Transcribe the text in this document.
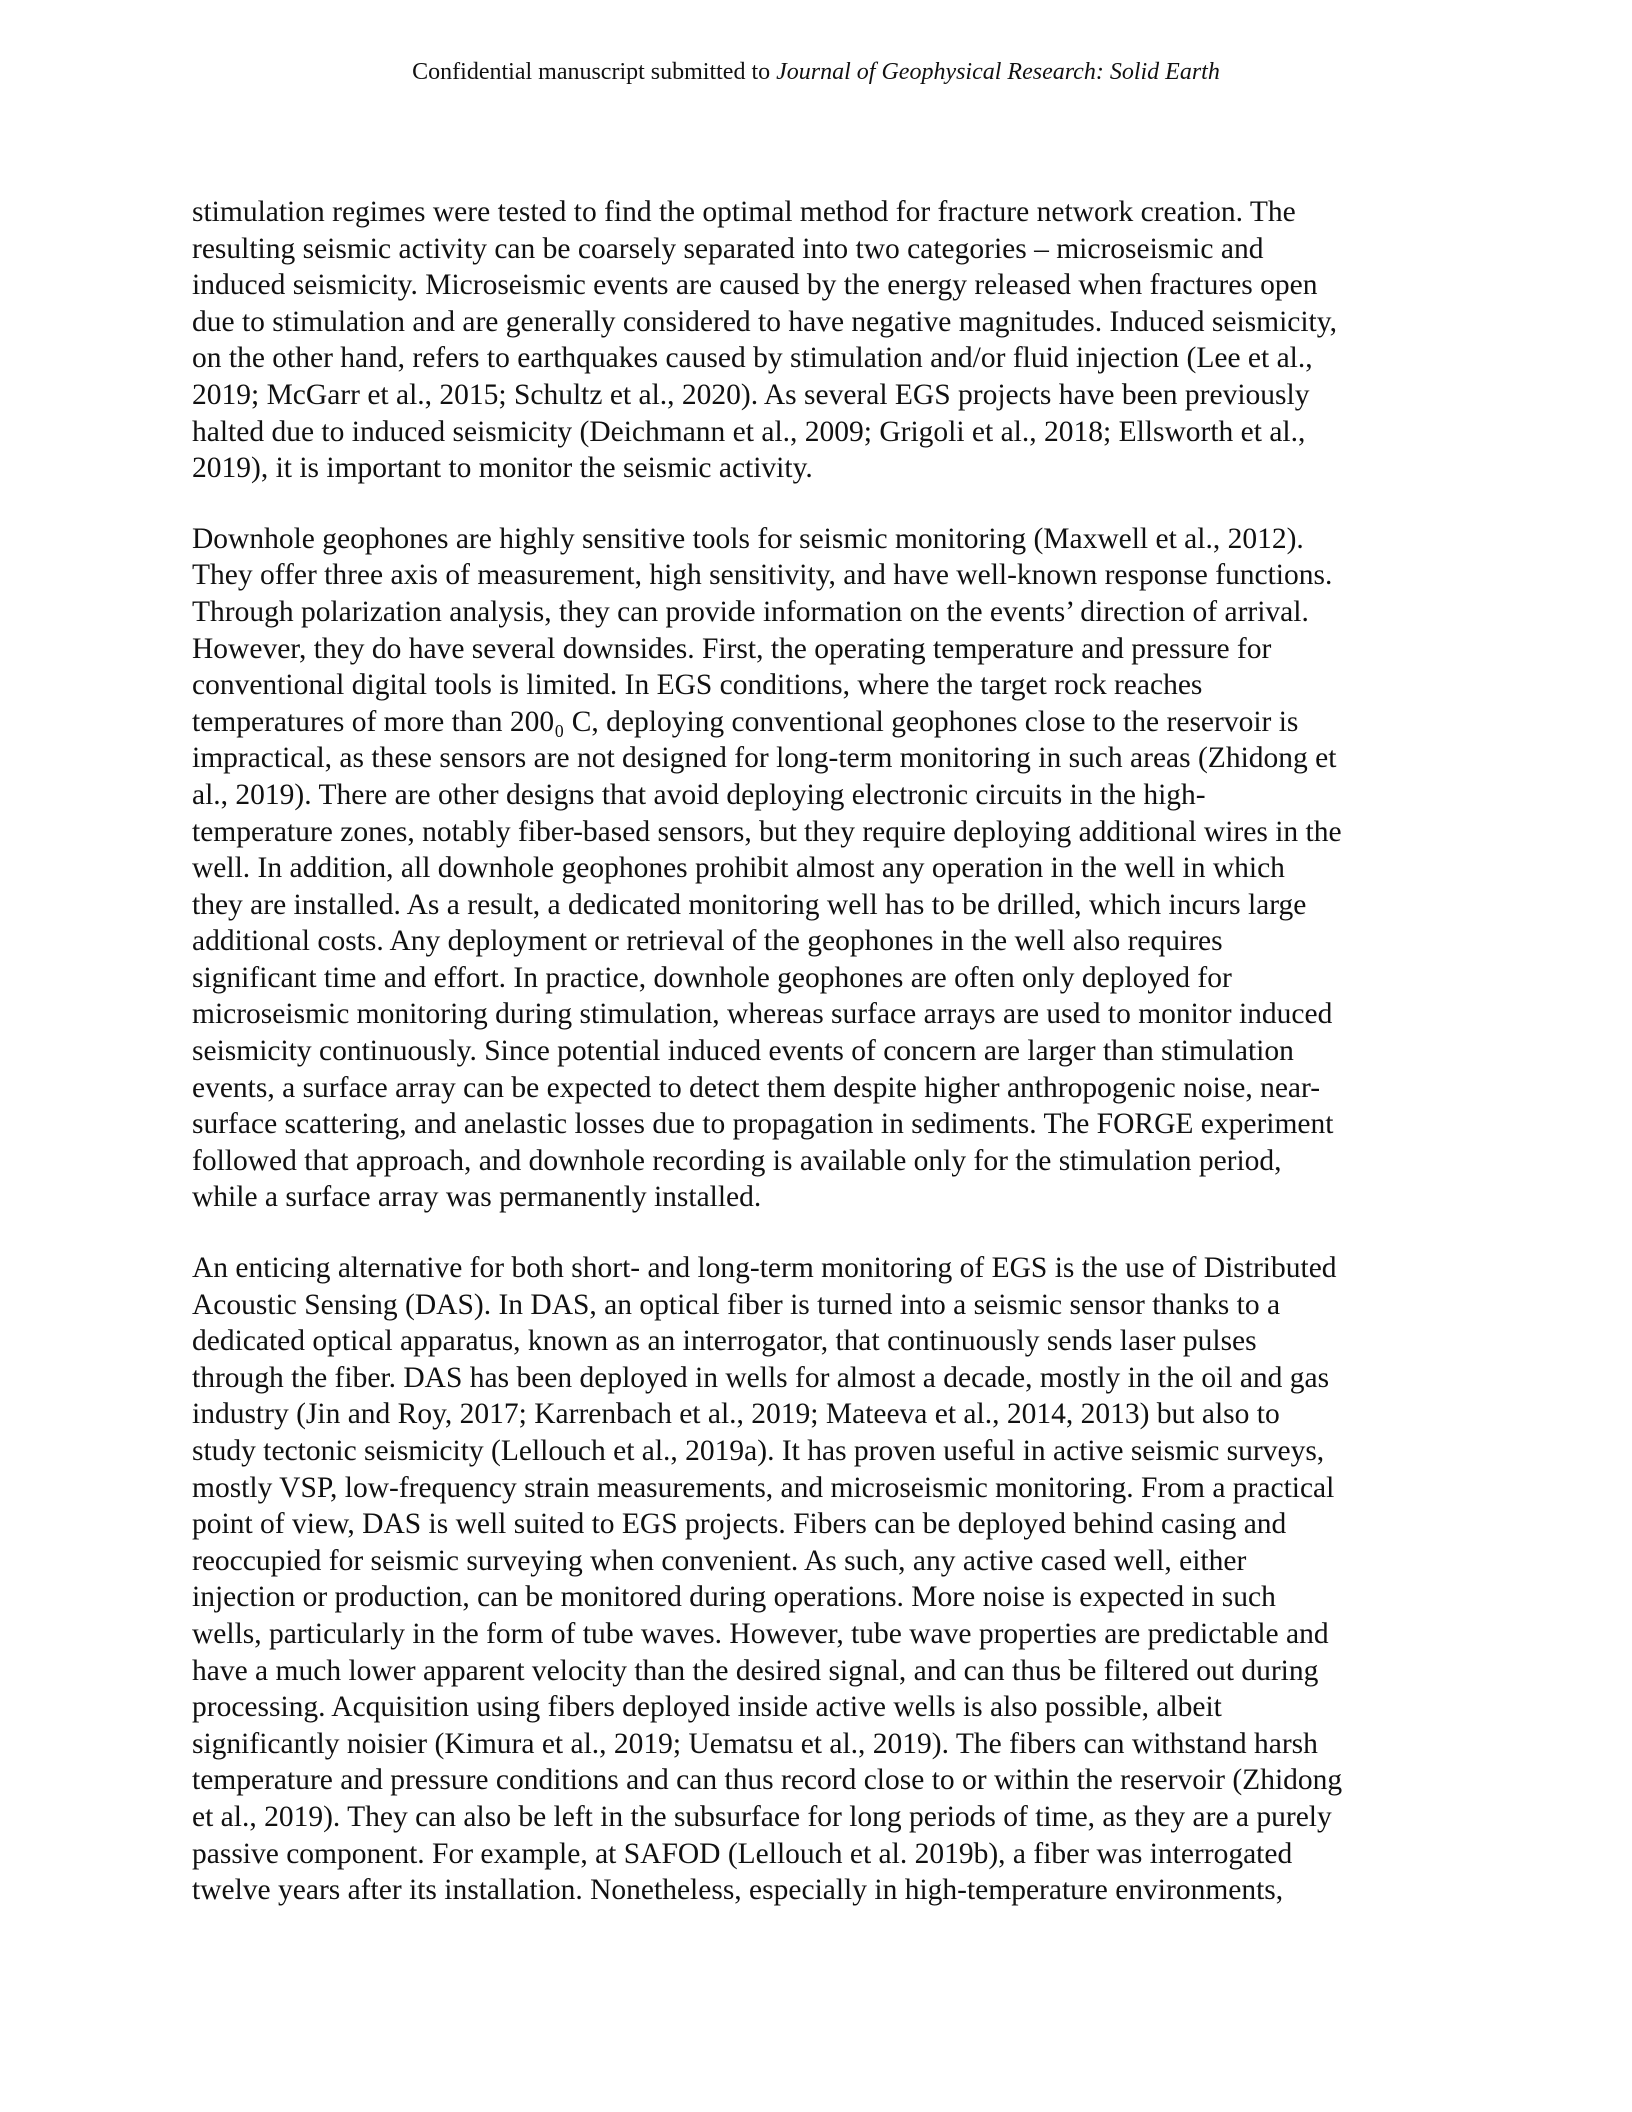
Confidential manuscript submitted to Journal of Geophysical Research: Solid Earth
stimulation regimes were tested to find the optimal method for fracture network creation. The
resulting seismic activity can be coarsely separated into two categories – microseismic and
induced seismicity. Microseismic events are caused by the energy released when fractures open
due to stimulation and are generally considered to have negative magnitudes. Induced seismicity,
on the other hand, refers to earthquakes caused by stimulation and/or fluid injection (Lee et al.,
2019; McGarr et al., 2015; Schultz et al., 2020). As several EGS projects have been previously
halted due to induced seismicity (Deichmann et al., 2009; Grigoli et al., 2018; Ellsworth et al.,
2019), it is important to monitor the seismic activity.
Downhole geophones are highly sensitive tools for seismic monitoring (Maxwell et al., 2012).
They offer three axis of measurement, high sensitivity, and have well-known response functions.
Through polarization analysis, they can provide information on the events’ direction of arrival.
However, they do have several downsides. First, the operating temperature and pressure for
conventional digital tools is limited. In EGS conditions, where the target rock reaches
temperatures of more than 200₀ C, deploying conventional geophones close to the reservoir is
impractical, as these sensors are not designed for long-term monitoring in such areas (Zhidong et
al., 2019). There are other designs that avoid deploying electronic circuits in the high-
temperature zones, notably fiber-based sensors, but they require deploying additional wires in the
well. In addition, all downhole geophones prohibit almost any operation in the well in which
they are installed. As a result, a dedicated monitoring well has to be drilled, which incurs large
additional costs. Any deployment or retrieval of the geophones in the well also requires
significant time and effort. In practice, downhole geophones are often only deployed for
microseismic monitoring during stimulation, whereas surface arrays are used to monitor induced
seismicity continuously. Since potential induced events of concern are larger than stimulation
events, a surface array can be expected to detect them despite higher anthropogenic noise, near-
surface scattering, and anelastic losses due to propagation in sediments. The FORGE experiment
followed that approach, and downhole recording is available only for the stimulation period,
while a surface array was permanently installed.
An enticing alternative for both short- and long-term monitoring of EGS is the use of Distributed
Acoustic Sensing (DAS). In DAS, an optical fiber is turned into a seismic sensor thanks to a
dedicated optical apparatus, known as an interrogator, that continuously sends laser pulses
through the fiber. DAS has been deployed in wells for almost a decade, mostly in the oil and gas
industry (Jin and Roy, 2017; Karrenbach et al., 2019; Mateeva et al., 2014, 2013) but also to
study tectonic seismicity (Lellouch et al., 2019a). It has proven useful in active seismic surveys,
mostly VSP, low-frequency strain measurements, and microseismic monitoring. From a practical
point of view, DAS is well suited to EGS projects. Fibers can be deployed behind casing and
reoccupied for seismic surveying when convenient. As such, any active cased well, either
injection or production, can be monitored during operations. More noise is expected in such
wells, particularly in the form of tube waves. However, tube wave properties are predictable and
have a much lower apparent velocity than the desired signal, and can thus be filtered out during
processing. Acquisition using fibers deployed inside active wells is also possible, albeit
significantly noisier (Kimura et al., 2019; Uematsu et al., 2019). The fibers can withstand harsh
temperature and pressure conditions and can thus record close to or within the reservoir (Zhidong
et al., 2019). They can also be left in the subsurface for long periods of time, as they are a purely
passive component. For example, at SAFOD (Lellouch et al. 2019b), a fiber was interrogated
twelve years after its installation. Nonetheless, especially in high-temperature environments,
